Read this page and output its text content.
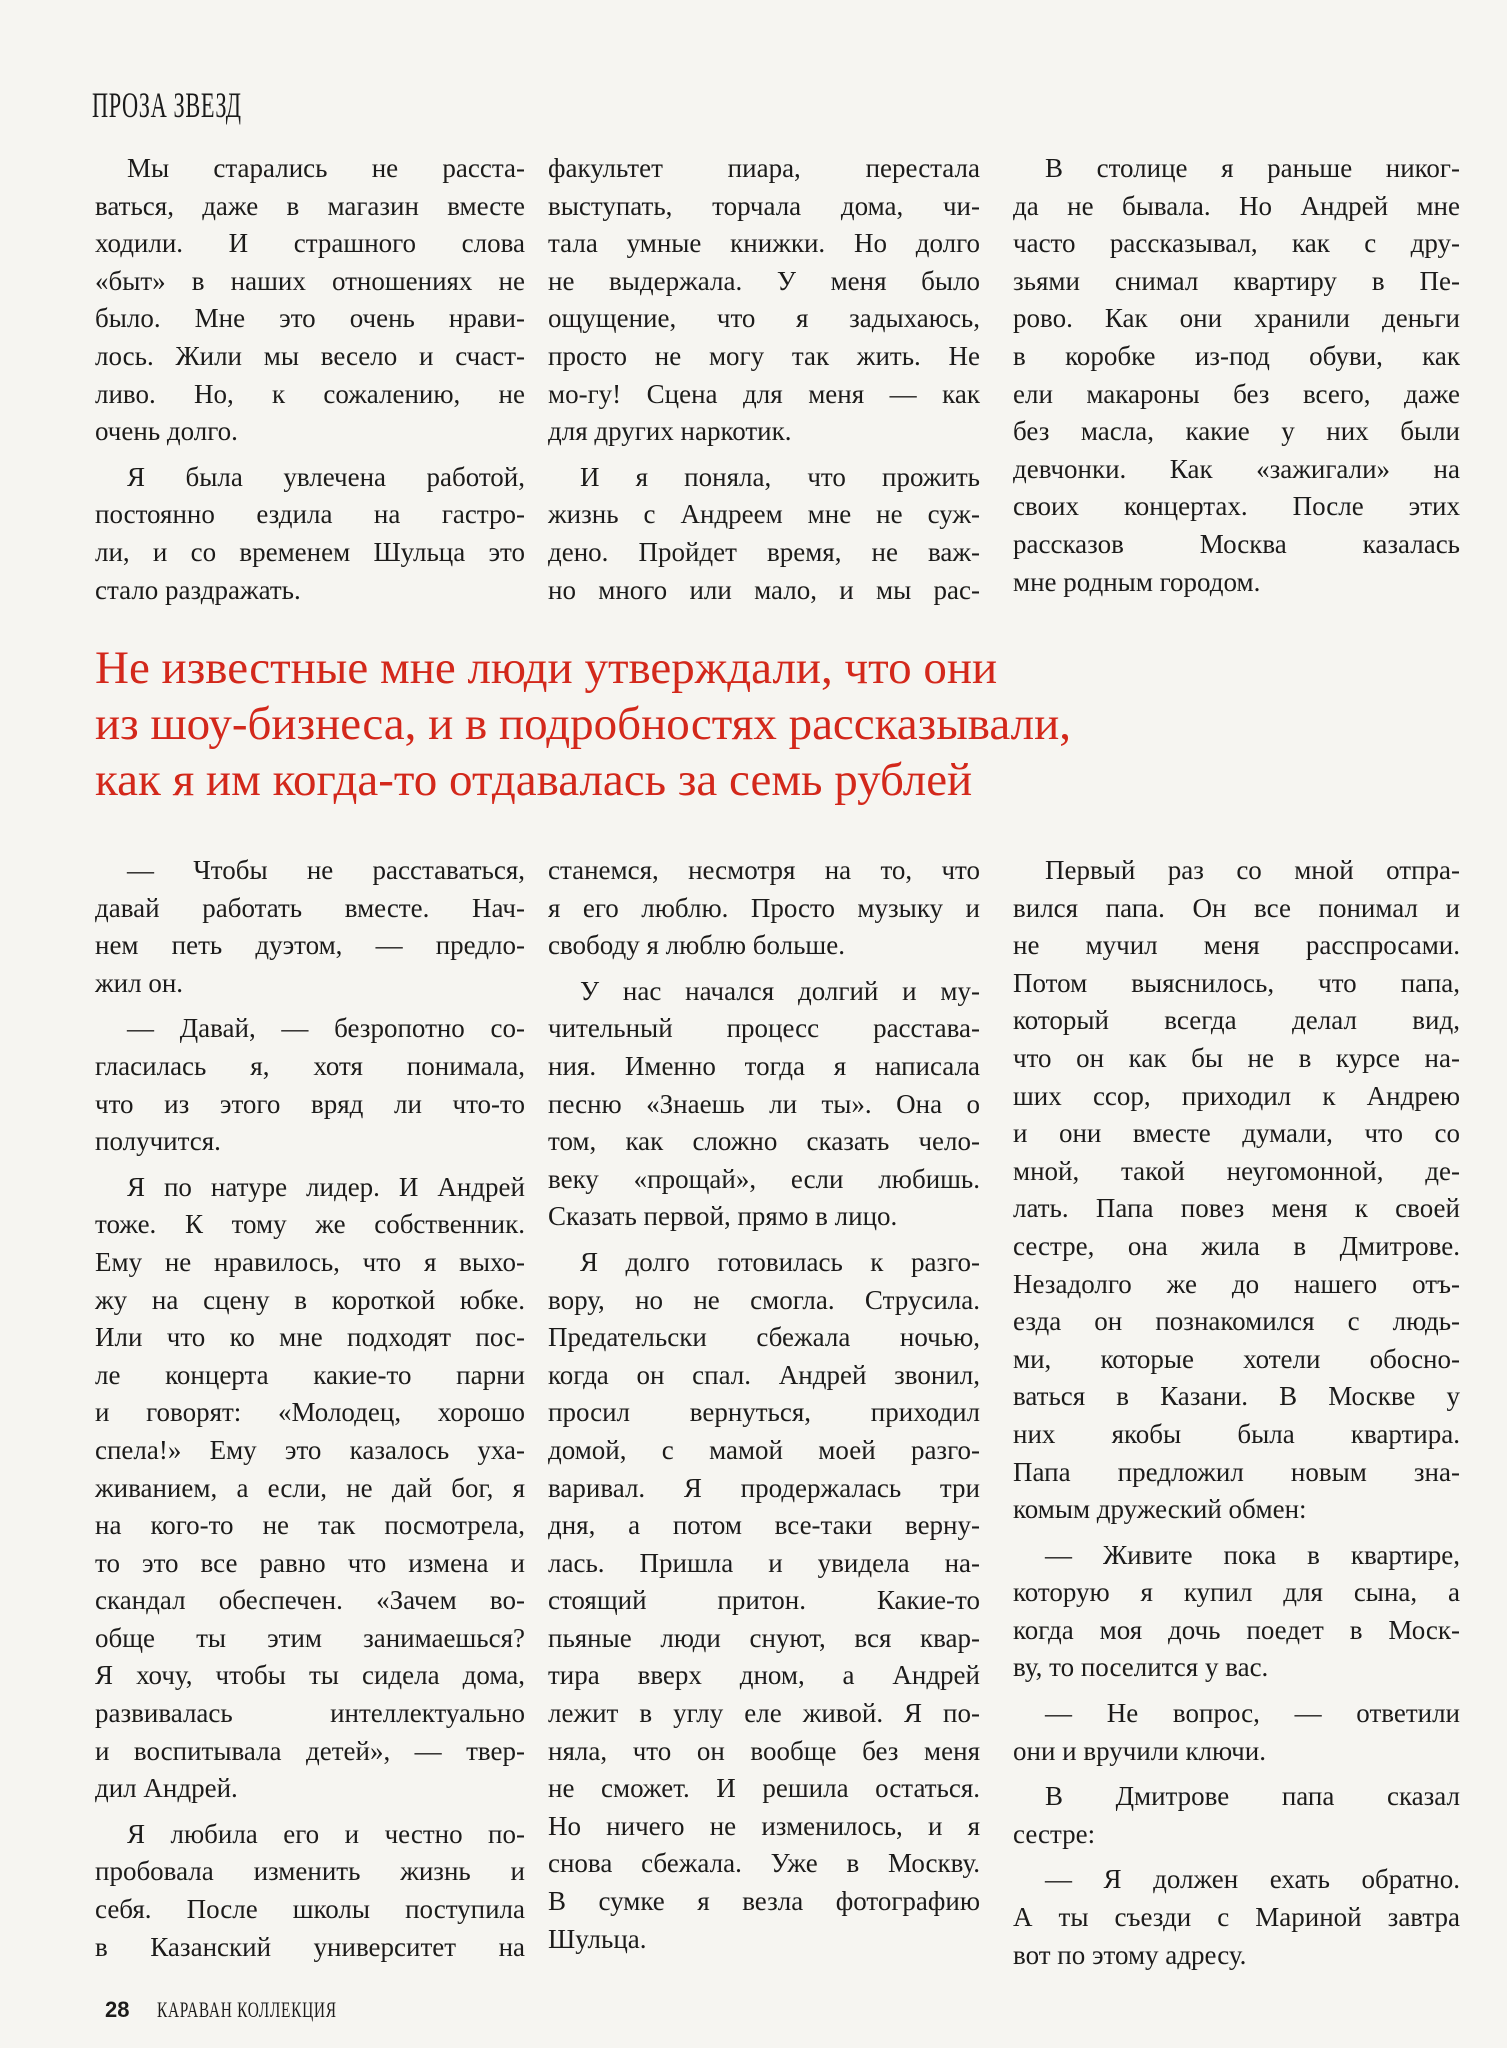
ПРОЗА ЗВЕЗД
Мы старались не расста-
ваться, даже в магазин вместе
ходили. И страшного слова
«быт» в наших отношениях не
было. Мне это очень нрави-
лось. Жили мы весело и счаст-
ливо. Но, к сожалению, не
очень долго.
Я была увлечена работой,
постоянно ездила на гастро-
ли, и со временем Шульца это
стало раздражать.
факультет пиара, перестала
выступать, торчала дома, чи-
тала умные книжки. Но долго
не выдержала. У меня было
ощущение, что я задыхаюсь,
просто не могу так жить. Не
мо-гу! Сцена для меня — как
для других наркотик.
И я поняла, что прожить
жизнь с Андреем мне не суж-
дено. Пройдет время, не важ-
но много или мало, и мы рас-
В столице я раньше никог-
да не бывала. Но Андрей мне
часто рассказывал, как с дру-
зьями снимал квартиру в Пе-
рово. Как они хранили деньги
в коробке из-под обуви, как
ели макароны без всего, даже
без масла, какие у них были
девчонки. Как «зажигали» на
своих концертах. После этих
рассказов Москва казалась
мне родным городом.
Не известные мне люди утверждали, что они
из шоу-бизнеса, и в подробностях рассказывали,
как я им когда-то отдавалась за семь рублей
— Чтобы не расставаться,
давай работать вместе. Нач-
нем петь дуэтом, — предло-
жил он.
— Давай, — безропотно со-
гласилась я, хотя понимала,
что из этого вряд ли что-то
получится.
Я по натуре лидер. И Андрей
тоже. К тому же собственник.
Ему не нравилось, что я выхо-
жу на сцену в короткой юбке.
Или что ко мне подходят пос-
ле концерта какие-то парни
и говорят: «Молодец, хорошо
спела!» Ему это казалось уха-
живанием, а если, не дай бог, я
на кого-то не так посмотрела,
то это все равно что измена и
скандал обеспечен. «Зачем во-
обще ты этим занимаешься?
Я хочу, чтобы ты сидела дома,
развивалась интеллектуально
и воспитывала детей», — твер-
дил Андрей.
Я любила его и честно по-
пробовала изменить жизнь и
себя. После школы поступила
в Казанский университет на
станемся, несмотря на то, что
я его люблю. Просто музыку и
свободу я люблю больше.
У нас начался долгий и му-
чительный процесс расстава-
ния. Именно тогда я написала
песню «Знаешь ли ты». Она о
том, как сложно сказать чело-
веку «прощай», если любишь.
Сказать первой, прямо в лицо.
Я долго готовилась к разго-
вору, но не смогла. Струсила.
Предательски сбежала ночью,
когда он спал. Андрей звонил,
просил вернуться, приходил
домой, с мамой моей разго-
варивал. Я продержалась три
дня, а потом все-таки верну-
лась. Пришла и увидела на-
стоящий притон. Какие-то
пьяные люди снуют, вся квар-
тира вверх дном, а Андрей
лежит в углу еле живой. Я по-
няла, что он вообще без меня
не сможет. И решила остаться.
Но ничего не изменилось, и я
снова сбежала. Уже в Москву.
В сумке я везла фотографию
Шульца.
Первый раз со мной отпра-
вился папа. Он все понимал и
не мучил меня расспросами.
Потом выяснилось, что папа,
который всегда делал вид,
что он как бы не в курсе на-
ших ссор, приходил к Андрею
и они вместе думали, что со
мной, такой неугомонной, де-
лать. Папа повез меня к своей
сестре, она жила в Дмитрове.
Незадолго же до нашего отъ-
езда он познакомился с людь-
ми, которые хотели обосно-
ваться в Казани. В Москве у
них якобы была квартира.
Папа предложил новым зна-
комым дружеский обмен:
— Живите пока в квартире,
которую я купил для сына, а
когда моя дочь поедет в Моск-
ву, то поселится у вас.
— Не вопрос, — ответили
они и вручили ключи.
В Дмитрове папа сказал
сестре:
— Я должен ехать обратно.
А ты съезди с Мариной завтра
вот по этому адресу.
28 КАРАВАН КОЛЛЕКЦИЯ
